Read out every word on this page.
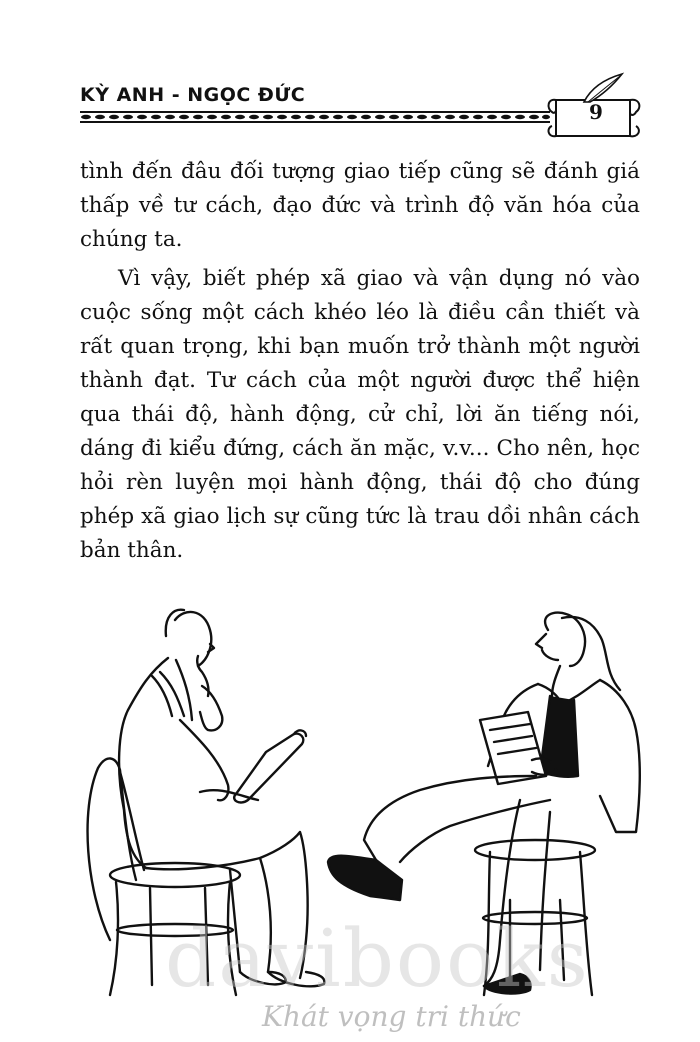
KỲ ANH - NGỌC ĐỨC
9

tình đến đâu đối tượng giao tiếp cũng sẽ đánh giá thấp về tư cách, đạo đức và trình độ văn hóa của chúng ta.

Vì vậy, biết phép xã giao và vận dụng nó vào cuộc sống một cách khéo léo là điều cần thiết và rất quan trọng, khi bạn muốn trở thành một người thành đạt. Tư cách của một người được thể hiện qua thái độ, hành động, cử chỉ, lời ăn tiếng nói, dáng đi kiểu đứng, cách ăn mặc, v.v... Cho nên, học hỏi rèn luyện mọi hành động, thái độ cho đúng phép xã giao lịch sự cũng tức là trau dồi nhân cách bản thân.

davibooks
Khát vọng tri thức
